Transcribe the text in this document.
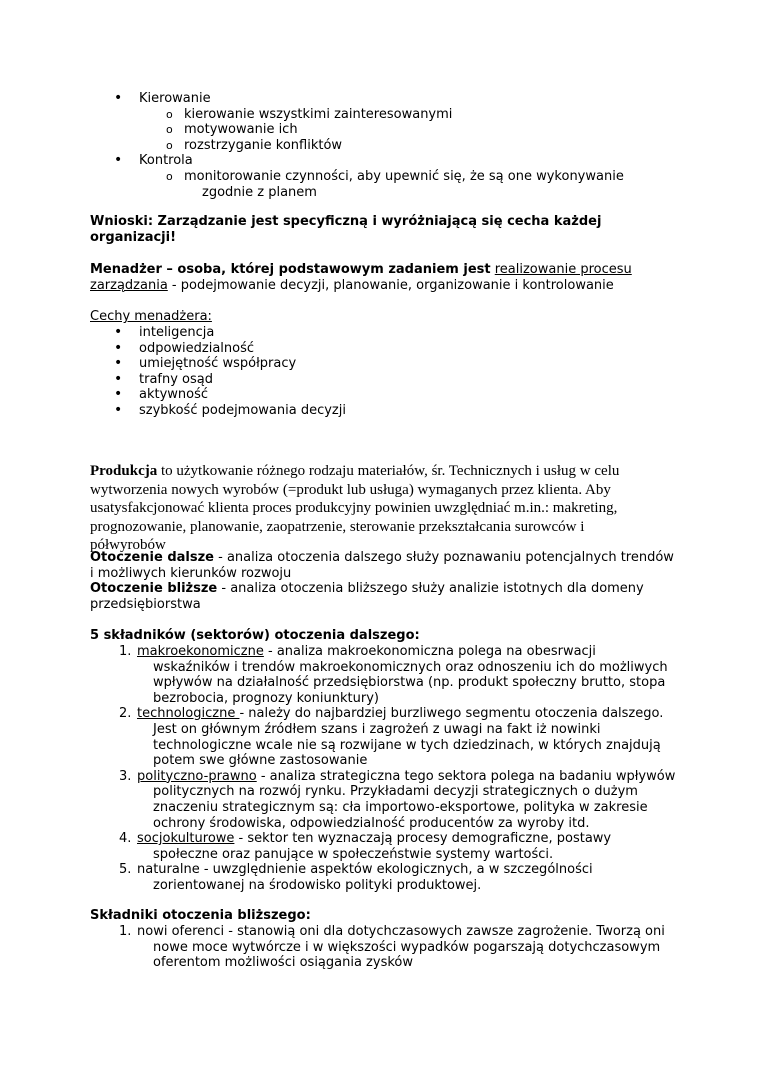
• Kierowanie
o kierowanie wszystkimi zainteresowanymi
o motywowanie ich
o rozstrzyganie konfliktów
• Kontrola
o monitorowanie czynności, aby upewnić się, że są one wykonywanie
zgodnie z planem
Wnioski: Zarządzanie jest specyficzną i wyróżniającą się cecha każdej
organizacji!
Menadżer – osoba, której podstawowym zadaniem jest realizowanie procesu
zarządzania - podejmowanie decyzji, planowanie, organizowanie i kontrolowanie
Cechy menadżera:
• inteligencja
• odpowiedzialność
• umiejętność współpracy
• trafny osąd
• aktywność
• szybkość podejmowania decyzji
Produkcja to użytkowanie różnego rodzaju materiałów, śr. Technicznych i usług w celu
wytworzenia nowych wyrobów (=produkt lub usługa) wymaganych przez klienta. Aby
usatysfakcjonować klienta proces produkcyjny powinien uwzględniać m.in.: makreting,
prognozowanie, planowanie, zaopatrzenie, sterowanie przekształcania surowców i
półwyrobów
Otoczenie dalsze - analiza otoczenia dalszego służy poznawaniu potencjalnych trendów
i możliwych kierunków rozwoju
Otoczenie bliższe - analiza otoczenia bliższego służy analizie istotnych dla domeny
przedsiębiorstwa
5 składników (sektorów) otoczenia dalszego:
1. makroekonomiczne - analiza makroekonomiczna polega na obesrwacji
wskaźników i trendów makroekonomicznych oraz odnoszeniu ich do możliwych
wpływów na działalność przedsiębiorstwa (np. produkt społeczny brutto, stopa
bezrobocia, prognozy koniunktury)
2. technologiczne - należy do najbardziej burzliwego segmentu otoczenia dalszego.
Jest on głównym źródłem szans i zagrożeń z uwagi na fakt iż nowinki
technologiczne wcale nie są rozwijane w tych dziedzinach, w których znajdują
potem swe główne zastosowanie
3. polityczno-prawno - analiza strategiczna tego sektora polega na badaniu wpływów
politycznych na rozwój rynku. Przykładami decyzji strategicznych o dużym
znaczeniu strategicznym są: cła importowo-eksportowe, polityka w zakresie
ochrony środowiska, odpowiedzialność producentów za wyroby itd.
4. socjokulturowe - sektor ten wyznaczają procesy demograficzne, postawy
społeczne oraz panujące w społeczeństwie systemy wartości.
5. naturalne - uwzględnienie aspektów ekologicznych, a w szczególności
zorientowanej na środowisko polityki produktowej.
Składniki otoczenia bliższego:
1. nowi oferenci - stanowią oni dla dotychczasowych zawsze zagrożenie. Tworzą oni
nowe moce wytwórcze i w większości wypadków pogarszają dotychczasowym
oferentom możliwości osiągania zysków
